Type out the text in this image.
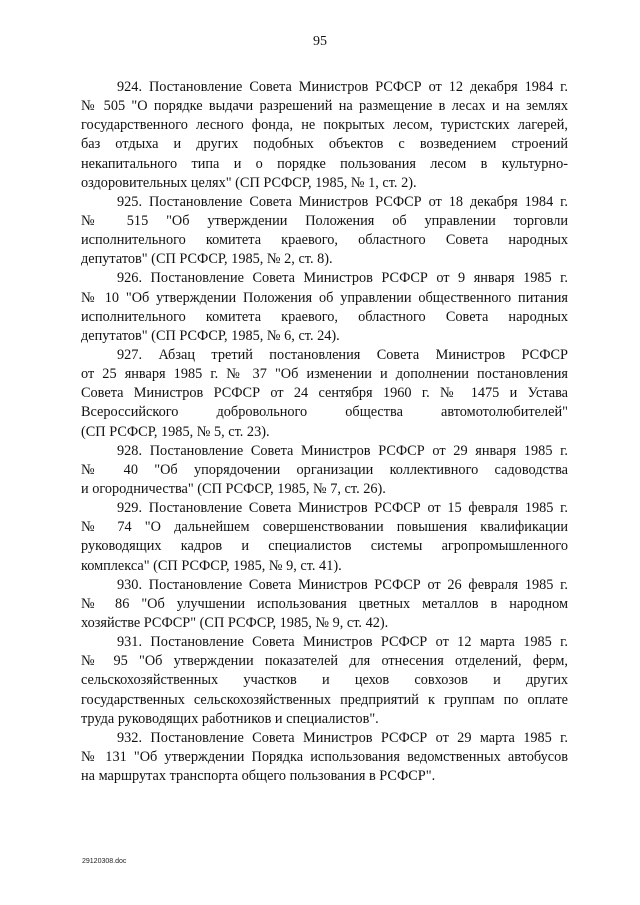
95
924. Постановление Совета Министров РСФСР от 12 декабря 1984 г.
№ 505 "О порядке выдачи разрешений на размещение в лесах и на землях
государственного лесного фонда, не покрытых лесом, туристских лагерей,
баз отдыха и других подобных объектов с возведением строений
некапитального типа и о порядке пользования лесом в культурно-
оздоровительных целях" (СП РСФСР, 1985, № 1, ст. 2).
925. Постановление Совета Министров РСФСР от 18 декабря 1984 г.
№ 515 "Об утверждении Положения об управлении торговли
исполнительного комитета краевого, областного Совета народных
депутатов" (СП РСФСР, 1985, № 2, ст. 8).
926. Постановление Совета Министров РСФСР от 9 января 1985 г.
№ 10 "Об утверждении Положения об управлении общественного питания
исполнительного комитета краевого, областного Совета народных
депутатов" (СП РСФСР, 1985, № 6, ст. 24).
927. Абзац третий постановления Совета Министров РСФСР
от 25 января 1985 г. № 37 "Об изменении и дополнении постановления
Совета Министров РСФСР от 24 сентября 1960 г. № 1475 и Устава
Всероссийского добровольного общества автомотолюбителей"
(СП РСФСР, 1985, № 5, ст. 23).
928. Постановление Совета Министров РСФСР от 29 января 1985 г.
№ 40 "Об упорядочении организации коллективного садоводства
и огородничества" (СП РСФСР, 1985, № 7, ст. 26).
929. Постановление Совета Министров РСФСР от 15 февраля 1985 г.
№ 74 "О дальнейшем совершенствовании повышения квалификации
руководящих кадров и специалистов системы агропромышленного
комплекса" (СП РСФСР, 1985, № 9, ст. 41).
930. Постановление Совета Министров РСФСР от 26 февраля 1985 г.
№ 86 "Об улучшении использования цветных металлов в народном
хозяйстве РСФСР" (СП РСФСР, 1985, № 9, ст. 42).
931. Постановление Совета Министров РСФСР от 12 марта 1985 г.
№ 95 "Об утверждении показателей для отнесения отделений, ферм,
сельскохозяйственных участков и цехов совхозов и других
государственных сельскохозяйственных предприятий к группам по оплате
труда руководящих работников и специалистов".
932. Постановление Совета Министров РСФСР от 29 марта 1985 г.
№ 131 "Об утверждении Порядка использования ведомственных автобусов
на маршрутах транспорта общего пользования в РСФСР".
29120308.doc
